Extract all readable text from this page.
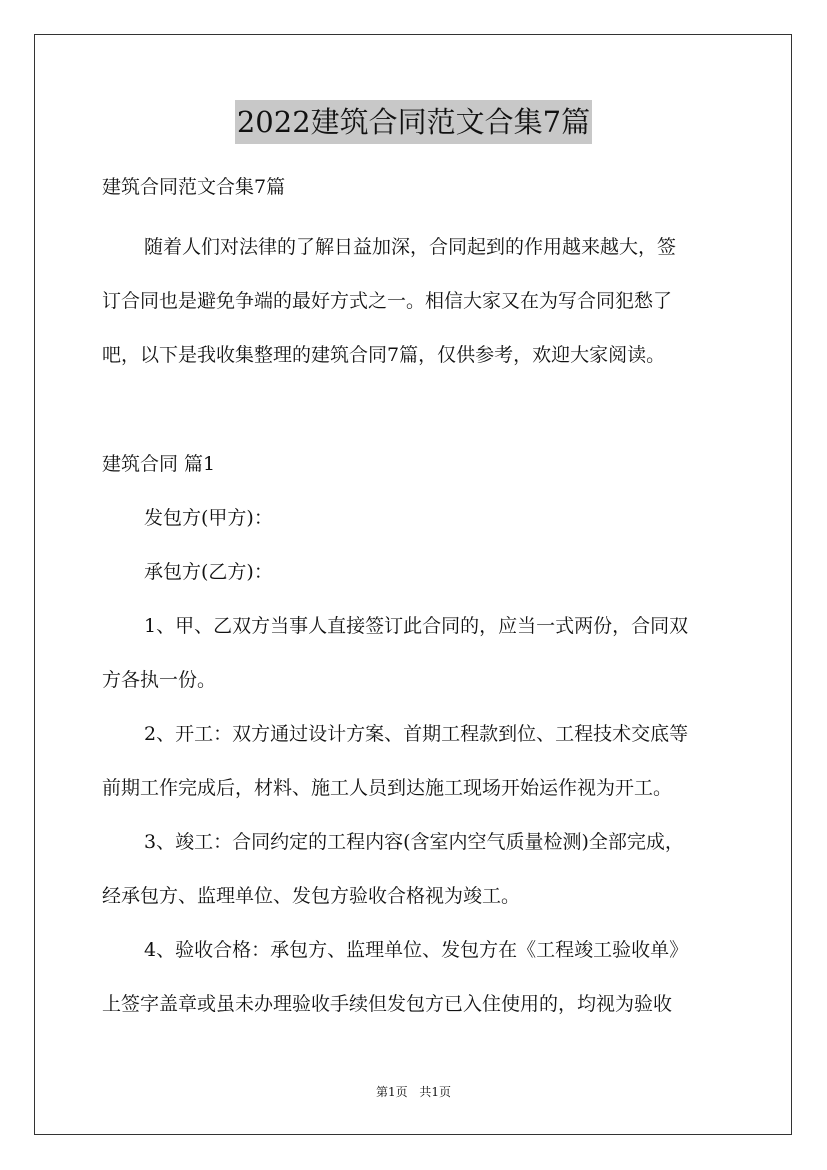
2022建筑合同范文合集7篇
建筑合同范文合集7篇
随着人们对法律的了解日益加深，合同起到的作用越来越大，签
订合同也是避免争端的最好方式之一。相信大家又在为写合同犯愁了
吧，以下是我收集整理的建筑合同7篇，仅供参考，欢迎大家阅读。
建筑合同 篇1
发包方(甲方)：
承包方(乙方)：
1、甲、乙双方当事人直接签订此合同的，应当一式两份，合同双
方各执一份。
2、开工：双方通过设计方案、首期工程款到位、工程技术交底等
前期工作完成后，材料、施工人员到达施工现场开始运作视为开工。
3、竣工：合同约定的工程内容(含室内空气质量检测)全部完成，
经承包方、监理单位、发包方验收合格视为竣工。
4、验收合格：承包方、监理单位、发包方在《工程竣工验收单》
上签字盖章或虽未办理验收手续但发包方已入住使用的，均视为验收
第1页 共1页
